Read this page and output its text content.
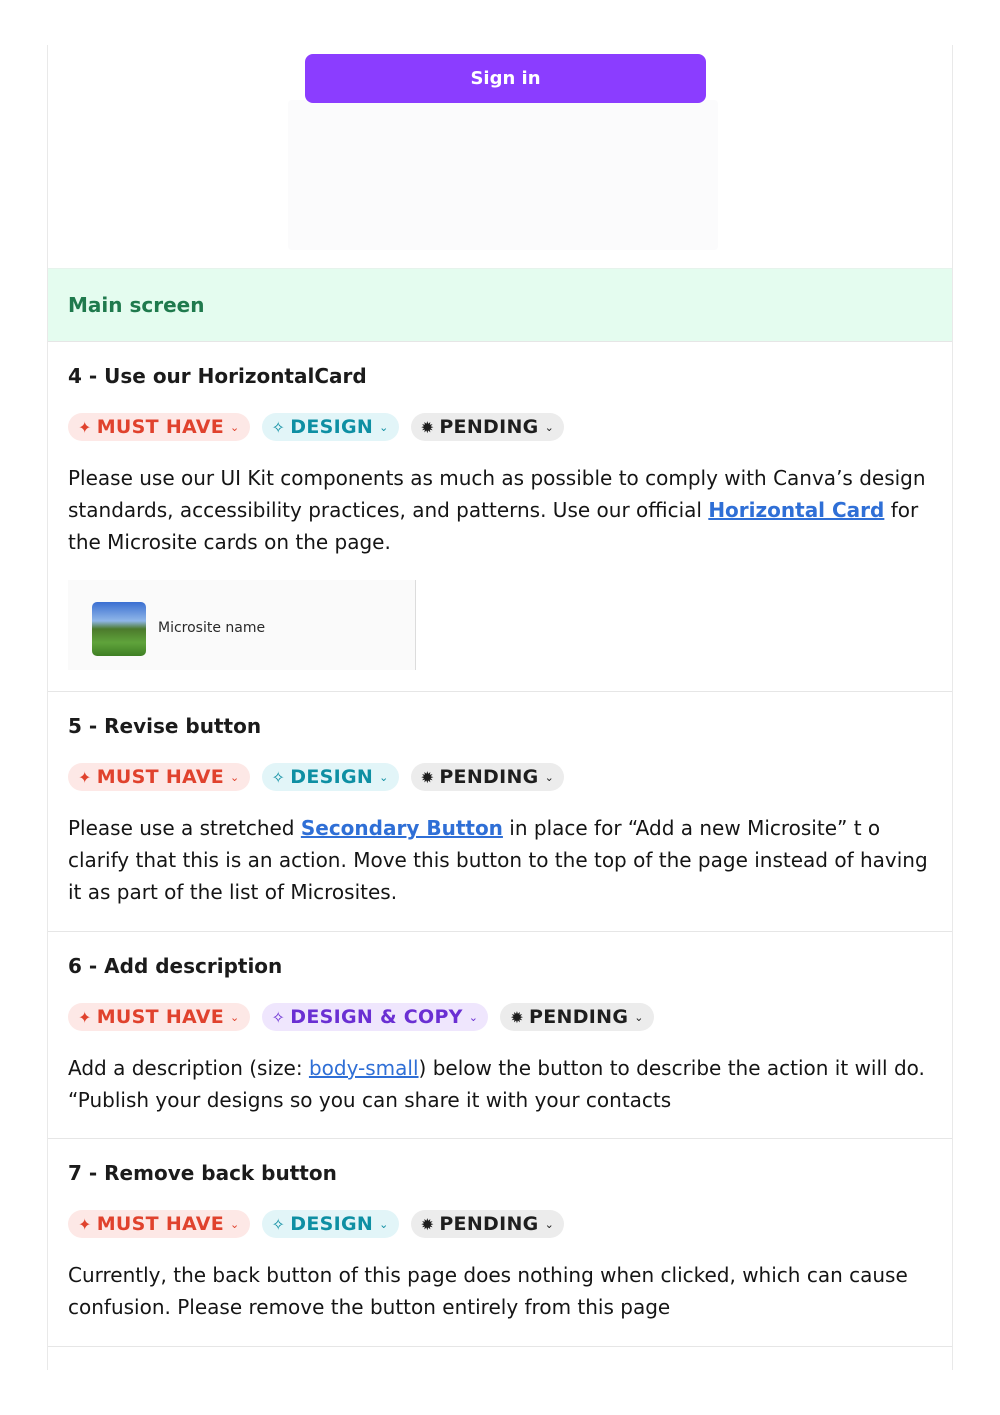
Sign in
Main screen
4 - Use our HorizontalCard
✦ MUST HAVE ⌄ ✧ DESIGN ⌄ ✹ PENDING ⌄
Please use our UI Kit components as much as possible to comply with Canva’s design standards, accessibility practices, and patterns. Use our official Horizontal Card for the Microsite cards on the page.
Microsite name
5 - Revise button
✦ MUST HAVE ⌄ ✧ DESIGN ⌄ ✹ PENDING ⌄
Please use a stretched Secondary Button in place for “Add a new Microsite” t o clarify that this is an action. Move this button to the top of the page instead of having it as part of the list of Microsites.
6 - Add description
✦ MUST HAVE ⌄ ✧ DESIGN & COPY ⌄ ✹ PENDING ⌄
Add a description (size: body-small) below the button to describe the action it will do. “Publish your designs so you can share it with your contacts
7 - Remove back button
✦ MUST HAVE ⌄ ✧ DESIGN ⌄ ✹ PENDING ⌄
Currently, the back button of this page does nothing when clicked, which can cause confusion. Please remove the button entirely from this page
